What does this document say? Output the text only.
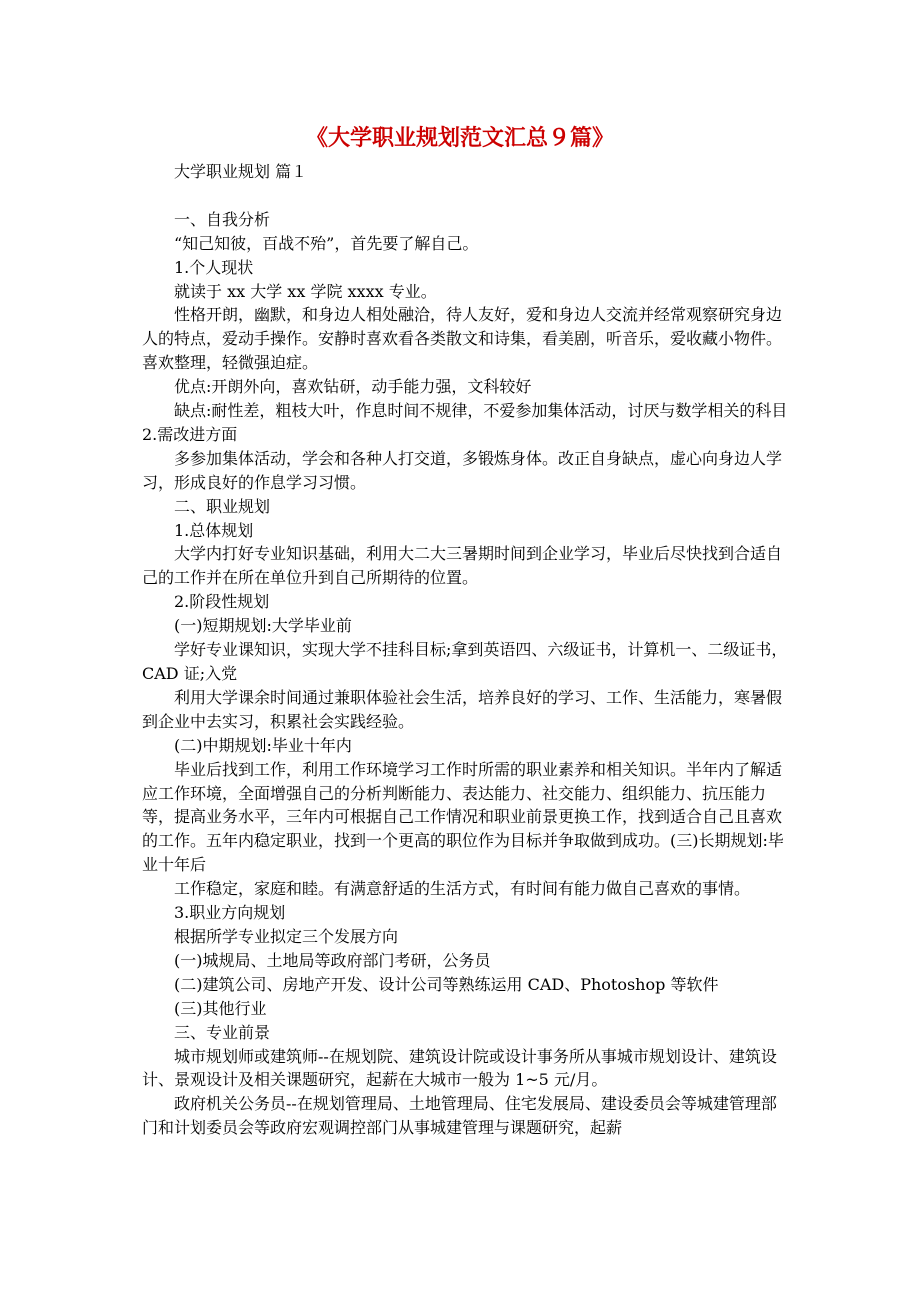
《大学职业规划范文汇总９篇》

大学职业规划 篇１

一、自我分析

“知己知彼，百战不殆”，首先要了解自己。

1.个人现状

就读于 xx 大学 xx 学院 xxxx 专业。

性格开朗，幽默，和身边人相处融洽，待人友好，爱和身边人交流并经常观察研究身边人的特点，爱动手操作。安静时喜欢看各类散文和诗集，看美剧，听音乐，爱收藏小物件。喜欢整理，轻微强迫症。

优点:开朗外向，喜欢钻研，动手能力强，文科较好

缺点:耐性差，粗枝大叶，作息时间不规律，不爱参加集体活动，讨厌与数学相关的科目 2.需改进方面

多参加集体活动，学会和各种人打交道，多锻炼身体。改正自身缺点，虚心向身边人学习，形成良好的作息学习习惯。

二、职业规划

1.总体规划

大学内打好专业知识基础，利用大二大三暑期时间到企业学习，毕业后尽快找到合适自己的工作并在所在单位升到自己所期待的位置。

2.阶段性规划

(一)短期规划:大学毕业前

学好专业课知识，实现大学不挂科目标;拿到英语四、六级证书，计算机一、二级证书，CAD 证;入党

利用大学课余时间通过兼职体验社会生活，培养良好的学习、工作、生活能力，寒暑假到企业中去实习，积累社会实践经验。

(二)中期规划:毕业十年内

毕业后找到工作，利用工作环境学习工作时所需的职业素养和相关知识。半年内了解适应工作环境，全面增强自己的分析判断能力、表达能力、社交能力、组织能力、抗压能力等，提高业务水平，三年内可根据自己工作情况和职业前景更换工作，找到适合自己且喜欢的工作。五年内稳定职业，找到一个更高的职位作为目标并争取做到成功。(三)长期规划:毕业十年后

工作稳定，家庭和睦。有满意舒适的生活方式，有时间有能力做自己喜欢的事情。

3.职业方向规划

根据所学专业拟定三个发展方向

(一)城规局、土地局等政府部门考研，公务员

(二)建筑公司、房地产开发、设计公司等熟练运用 CAD、Photoshop 等软件

(三)其他行业

三、专业前景

城市规划师或建筑师--在规划院、建筑设计院或设计事务所从事城市规划设计、建筑设计、景观设计及相关课题研究，起薪在大城市一般为 1~5 元/月。

政府机关公务员--在规划管理局、土地管理局、住宅发展局、建设委员会等城建管理部门和计划委员会等政府宏观调控部门从事城建管理与课题研究，起薪
